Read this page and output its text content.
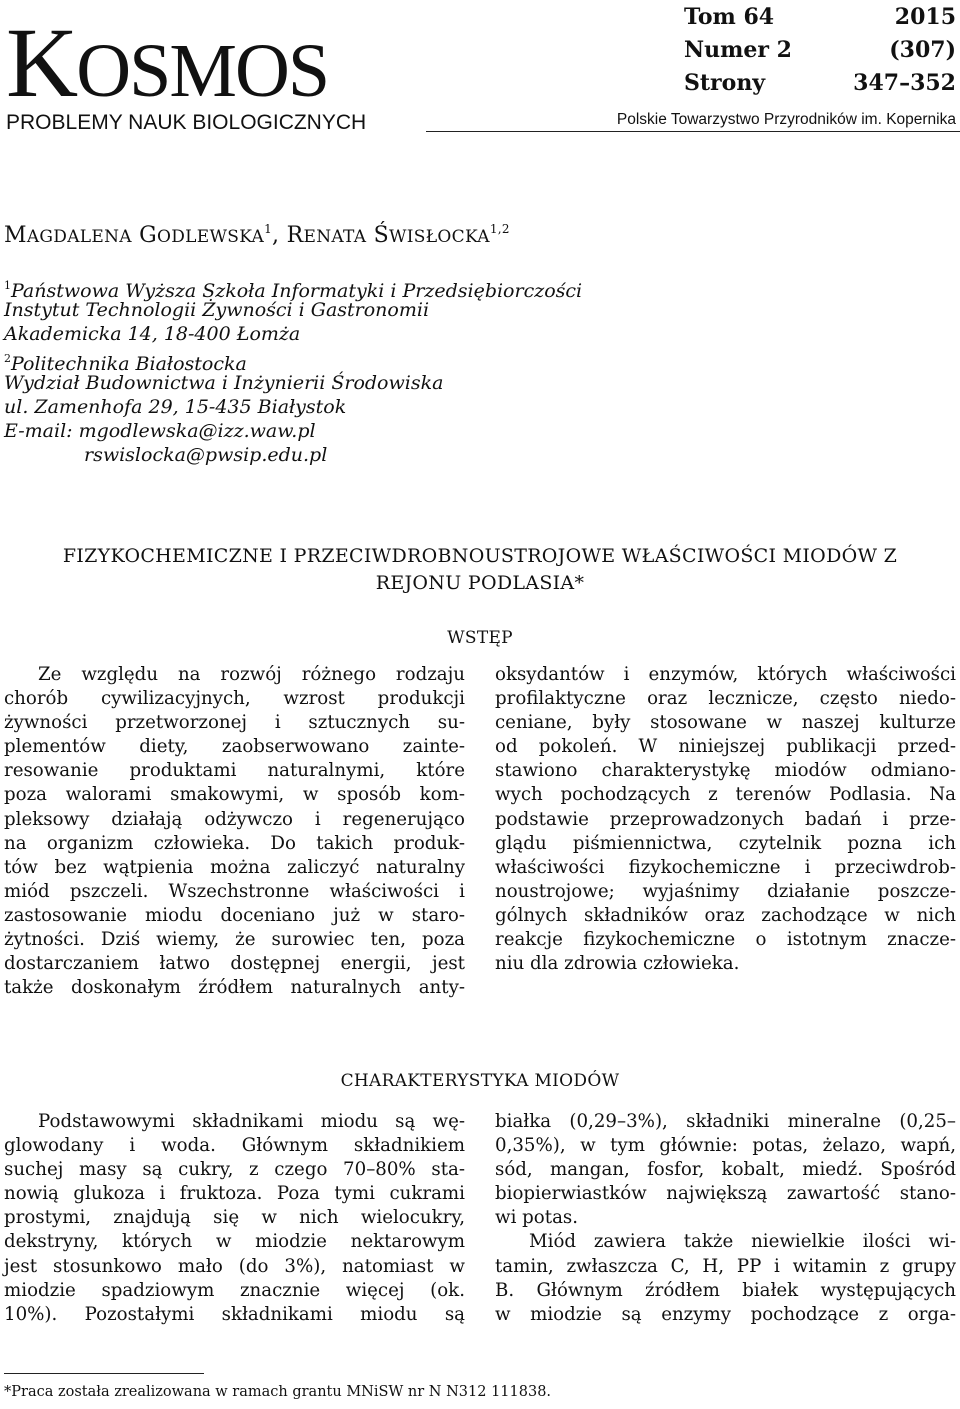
KOSMOS
PROBLEMY NAUK BIOLOGICZNYCH
Tom 64	2015
Numer 2	(307)
Strony	347–352
Polskie Towarzystwo Przyrodników im. Kopernika
MAGDALENA GODLEWSKA$^1$, RENATA ŚWISŁOCKA$^{1,2}$
$^1$Państwowa Wyższa Szkoła Informatyki i Przedsiębiorczości
Instytut Technologii Żywności i Gastronomii
Akademicka 14, 18-400 Łomża
$^2$Politechnika Białostocka
Wydział Budownictwa i Inżynierii Środowiska
ul. Zamenhofa 29, 15-435 Białystok
E-mail: mgodlewska@izz.waw.pl
rswislocka@pwsip.edu.pl
FIZYKOCHEMICZNE I PRZECIWDROBNOUSTROJOWE WŁAŚCIWOŚCI MIODÓW Z
REJONU PODLASIA*
WSTĘP
Ze względu na rozwój różnego rodzaju
chorób cywilizacyjnych, wzrost produkcji
żywności przetworzonej i sztucznych su-
plementów diety, zaobserwowano zainte-
resowanie produktami naturalnymi, które
poza walorami smakowymi, w sposób kom-
pleksowy działają odżywczo i regenerująco
na organizm człowieka. Do takich produk-
tów bez wątpienia można zaliczyć naturalny
miód pszczeli. Wszechstronne właściwości i
zastosowanie miodu doceniano już w staro-
żytności. Dziś wiemy, że surowiec ten, poza
dostarczaniem łatwo dostępnej energii, jest
także doskonałym źródłem naturalnych anty-
oksydantów i enzymów, których właściwości
profilaktyczne oraz lecznicze, często niedo-
ceniane, były stosowane w naszej kulturze
od pokoleń. W niniejszej publikacji przed-
stawiono charakterystykę miodów odmiano-
wych pochodzących z terenów Podlasia. Na
podstawie przeprowadzonych badań i prze-
glądu piśmiennictwa, czytelnik pozna ich
właściwości fizykochemiczne i przeciwdrob-
noustrojowe; wyjaśnimy działanie poszcze-
gólnych składników oraz zachodzące w nich
reakcje fizykochemiczne o istotnym znacze-
niu dla zdrowia człowieka.
CHARAKTERYSTYKA MIODÓW
Podstawowymi składnikami miodu są wę-
glowodany i woda. Głównym składnikiem
suchej masy są cukry, z czego 70–80% sta-
nowią glukoza i fruktoza. Poza tymi cukrami
prostymi, znajdują się w nich wielocukry,
dekstryny, których w miodzie nektarowym
jest stosunkowo mało (do 3%), natomiast w
miodzie spadziowym znacznie więcej (ok.
10%). Pozostałymi składnikami miodu są
białka (0,29–3%), składniki mineralne (0,25–
0,35%), w tym głównie: potas, żelazo, wapń,
sód, mangan, fosfor, kobalt, miedź. Spośród
biopierwiastków największą zawartość stano-
wi potas.
Miód zawiera także niewielkie ilości wi-
tamin, zwłaszcza C, H, PP i witamin z grupy
B. Głównym źródłem białek występujących
w miodzie są enzymy pochodzące z orga-
*Praca została zrealizowana w ramach grantu MNiSW nr N N312 111838.
